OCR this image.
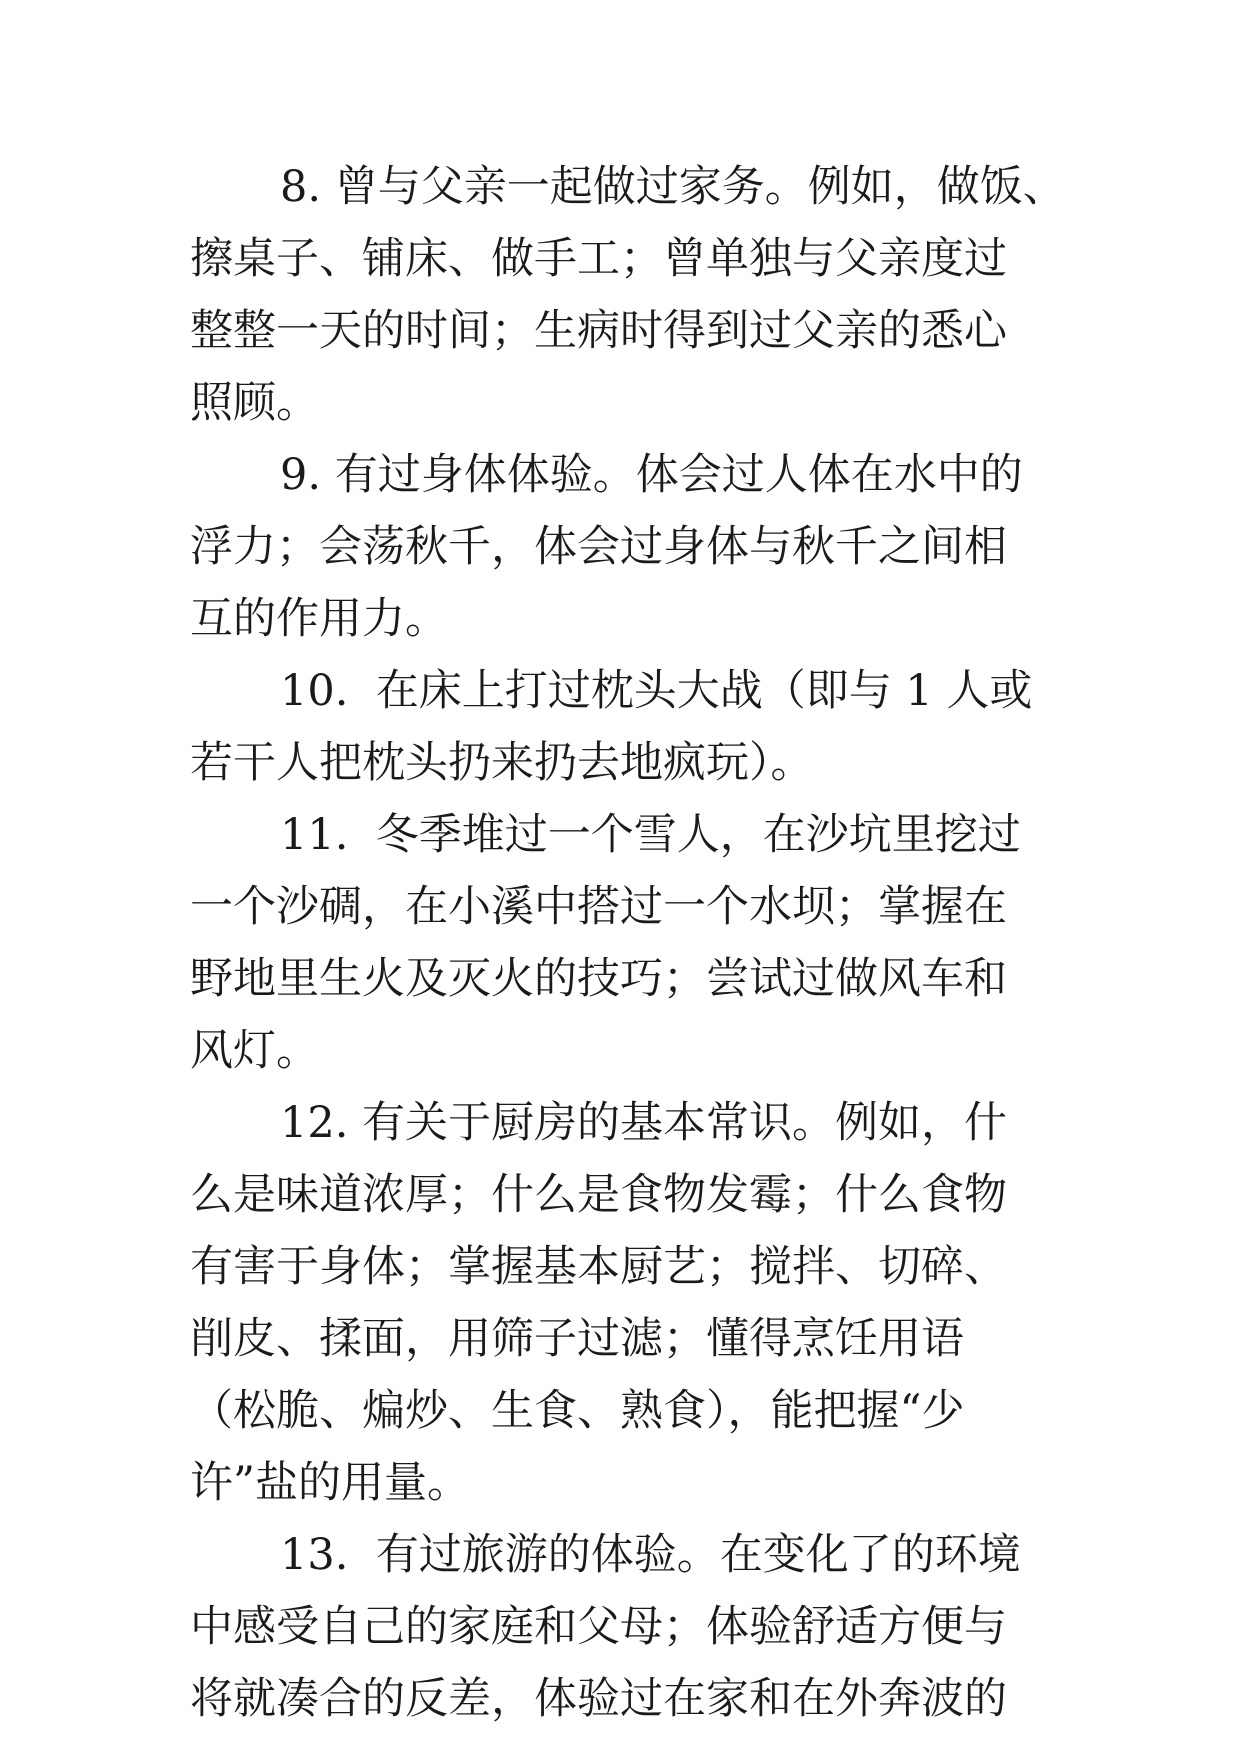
8. 曾与父亲一起做过家务。例如，做饭、
擦桌子、铺床、做手工；曾单独与父亲度过
整整一天的时间；生病时得到过父亲的悉心
照顾。
9. 有过身体体验。体会过人体在水中的
浮力；会荡秋千，体会过身体与秋千之间相
互的作用力。
10.  在床上打过枕头大战（即与 1 人或
若干人把枕头扔来扔去地疯玩）。
11.  冬季堆过一个雪人，在沙坑里挖过
一个沙碉，在小溪中搭过一个水坝；掌握在
野地里生火及灭火的技巧；尝试过做风车和
风灯。
12. 有关于厨房的基本常识。例如，什
么是味道浓厚；什么是食物发霉；什么食物
有害于身体；掌握基本厨艺；搅拌、切碎、
削皮、揉面，用筛子过滤；懂得烹饪用语
（松脆、煸炒、生食、熟食），能把握“少
许”盐的用量。
13.  有过旅游的体验。在变化了的环境
中感受自己的家庭和父母；体验舒适方便与
将就凑合的反差，体验过在家和在外奔波的
